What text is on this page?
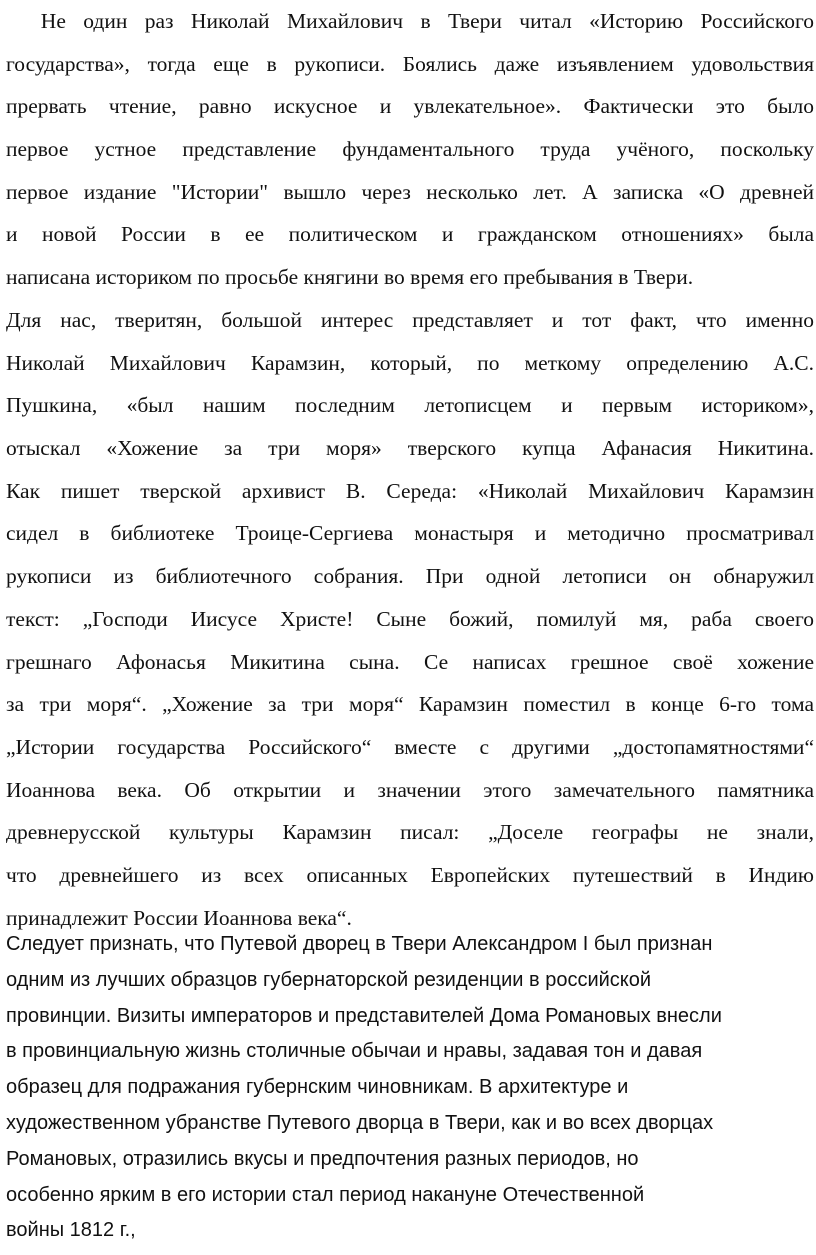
Не один раз Николай Михайлович в Твери читал «Историю Российского
государства», тогда еще в рукописи. Боялись даже изъявлением удовольствия
прервать чтение, равно искусное и увлекательное». Фактически это было
первое устное представление фундаментального труда учёного, поскольку
первое издание "Истории" вышло через несколько лет. А записка «О древней
и новой России в ее политическом и гражданском отношениях» была
написана историком по просьбе княгини во время его пребывания в Твери.
Для нас, тверитян, большой интерес представляет и тот факт, что именно
Николай Михайлович Карамзин, который, по меткому определению А.С.
Пушкина, «был нашим последним летописцем и первым историком»,
отыскал «Хожение за три моря» тверского купца Афанасия Никитина.
Как пишет тверской архивист В. Середа: «Николай Михайлович Карамзин
сидел в библиотеке Троице-Сергиева монастыря и методично просматривал
рукописи из библиотечного собрания. При одной летописи он обнаружил
текст: „Господи Иисусе Христе! Сыне божий, помилуй мя, раба своего
грешнаго Афонасья Микитина сына. Се написах грешное своё хожение
за три моря“. „Хожение за три моря“ Карамзин поместил в конце 6-го тома
„Истории государства Российского“ вместе с другими „достопамятностями“
Иоаннова века. Об открытии и значении этого замечательного памятника
древнерусской культуры Карамзин писал: „Доселе географы не знали,
что древнейшего из всех описанных Европейских путешествий в Индию
принадлежит России Иоаннова века“.
Следует признать, что Путевой дворец в Твери Александром I был признан
одним из лучших образцов губернаторской резиденции в российской
провинции. Визиты императоров и представителей Дома Романовых внесли
в провинциальную жизнь столичные обычаи и нравы, задавая тон и давая
образец для подражания губернским чиновникам. В архитектуре и
художественном убранстве Путевого дворца в Твери, как и во всех дворцах
Романовых, отразились вкусы и предпочтения разных периодов, но
особенно ярким в его истории стал период накануне Отечественной
войны 1812 г.,
